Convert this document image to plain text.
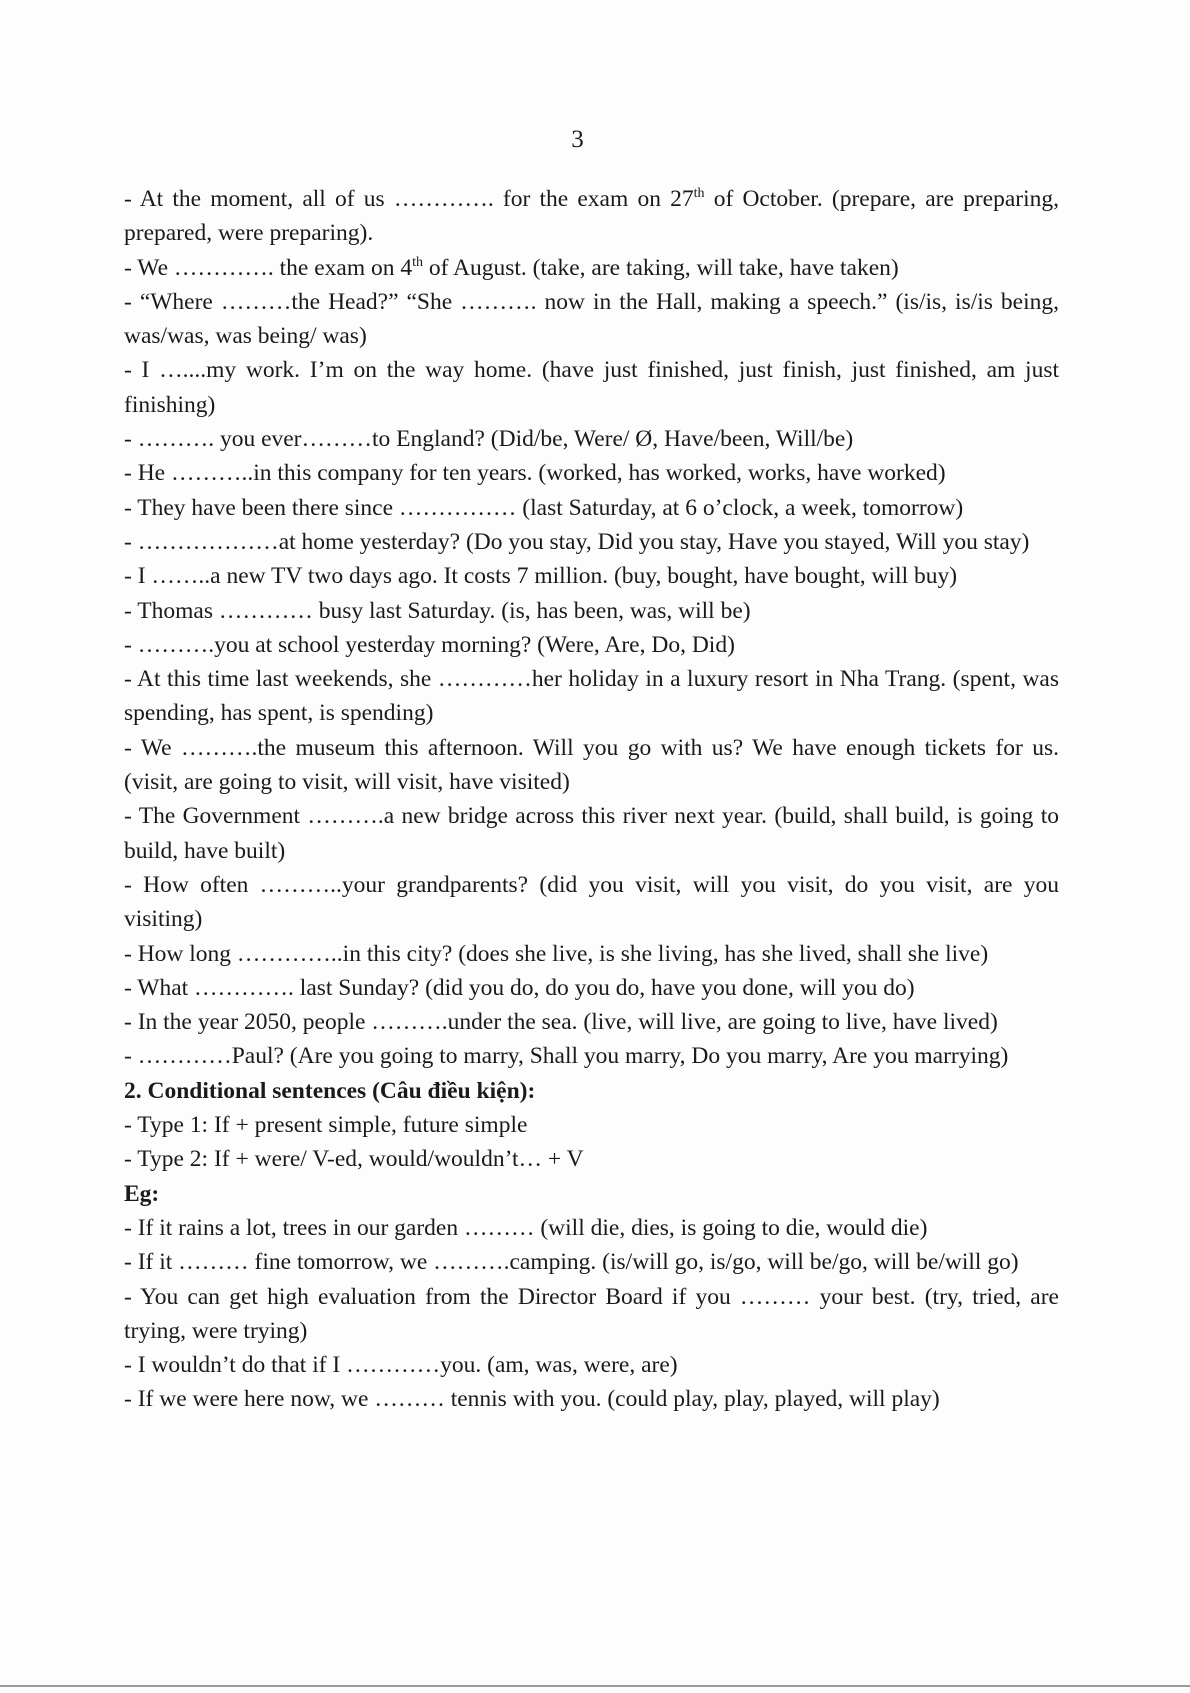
3

- At the moment, all of us …………. for the exam on 27th of October. (prepare, are preparing, prepared, were preparing).

- We …………. the exam on 4th of August. (take, are taking, will take, have taken)

- “Where ………the Head?” “She ………. now in the Hall, making a speech.” (is/is, is/is being, was/was, was being/ was)

- I …....my work. I’m on the way home. (have just finished, just finish, just finished, am just finishing)

- ………. you ever………to England? (Did/be, Were/ Ø, Have/been, Will/be)

- He ………..in this company for ten years. (worked, has worked, works, have worked)

- They have been there since …………… (last Saturday, at 6 o’clock, a week, tomorrow)

- ………………at home yesterday? (Do you stay, Did you stay, Have you stayed, Will you stay)

- I ……..a new TV two days ago. It costs 7 million. (buy, bought, have bought, will buy)

- Thomas ………… busy last Saturday. (is, has been, was, will be)

- ……….you at school yesterday morning? (Were, Are, Do, Did)

- At this time last weekends, she …………her holiday in a luxury resort in Nha Trang. (spent, was spending, has spent, is spending)

- We ……….the museum this afternoon. Will you go with us? We have enough tickets for us. (visit, are going to visit, will visit, have visited)

- The Government ……….a new bridge across this river next year. (build, shall build, is going to build, have built)

- How often ………..your grandparents? (did you visit, will you visit, do you visit, are you visiting)

- How long …………..in this city? (does she live, is she living, has she lived, shall she live)

- What …………. last Sunday? (did you do, do you do, have you done, will you do)

- In the year 2050, people ……….under the sea. (live, will live, are going to live, have lived)

- …………Paul? (Are you going to marry, Shall you marry, Do you marry, Are you marrying)

2. Conditional sentences (Câu điều kiện):

- Type 1: If + present simple, future simple

- Type 2: If + were/ V-ed, would/wouldn’t… + V

Eg:

- If it rains a lot, trees in our garden ……… (will die, dies, is going to die, would die)

- If it ……… fine tomorrow, we ……….camping. (is/will go, is/go, will be/go, will be/will go)

- You can get high evaluation from the Director Board if you ……… your best. (try, tried, are trying, were trying)

- I wouldn’t do that if I …………you. (am, was, were, are)

- If we were here now, we ……… tennis with you. (could play, play, played, will play)
